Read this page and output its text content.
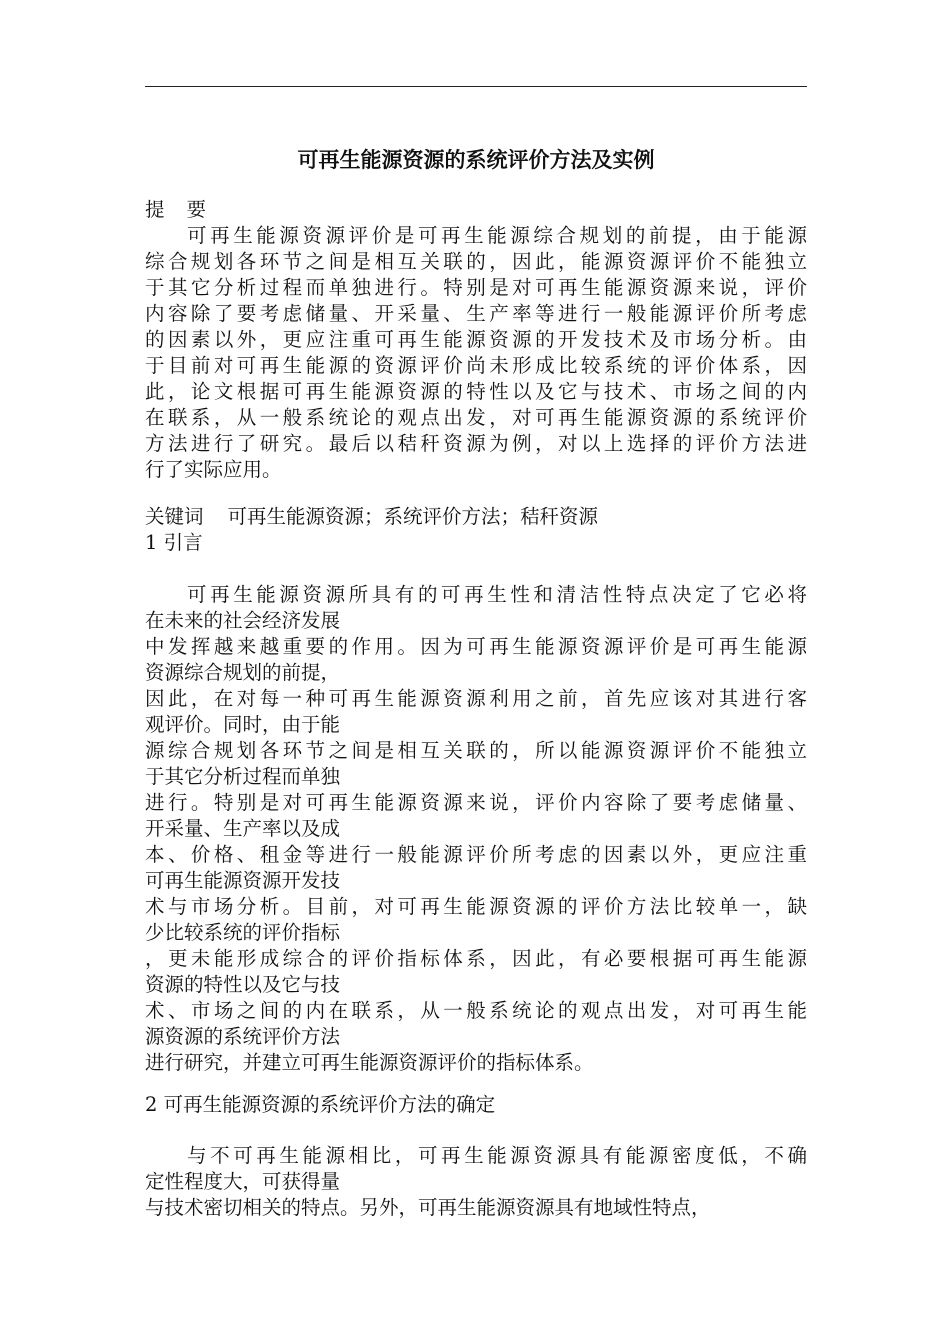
可再生能源资源的系统评价方法及实例
提要
可再生能源资源评价是可再生能源综合规划的前提，由于能源
综合规划各环节之间是相互关联的，因此，能源资源评价不能独立
于其它分析过程而单独进行。特别是对可再生能源资源来说，评价
内容除了要考虑储量、开采量、生产率等进行一般能源评价所考虑
的因素以外，更应注重可再生能源资源的开发技术及市场分析。由
于目前对可再生能源的资源评价尚未形成比较系统的评价体系，因
此，论文根据可再生能源资源的特性以及它与技术、市场之间的内
在联系，从一般系统论的观点出发，对可再生能源资源的系统评价
方法进行了研究。最后以秸秆资源为例，对以上选择的评价方法进
行了实际应用。
关键词 可再生能源资源；系统评价方法；秸秆资源
1 引言
可再生能源资源所具有的可再生性和清洁性特点决定了它必将
在未来的社会经济发展
中发挥越来越重要的作用。因为可再生能源资源评价是可再生能源
资源综合规划的前提，
因此，在对每一种可再生能源资源利用之前，首先应该对其进行客
观评价。同时，由于能
源综合规划各环节之间是相互关联的，所以能源资源评价不能独立
于其它分析过程而单独
进行。特别是对可再生能源资源来说，评价内容除了要考虑储量、
开采量、生产率以及成
本、价格、租金等进行一般能源评价所考虑的因素以外，更应注重
可再生能源资源开发技
术与市场分析。目前，对可再生能源资源的评价方法比较单一，缺
少比较系统的评价指标
，更未能形成综合的评价指标体系，因此，有必要根据可再生能源
资源的特性以及它与技
术、市场之间的内在联系，从一般系统论的观点出发，对可再生能
源资源的系统评价方法
进行研究，并建立可再生能源资源评价的指标体系。
2 可再生能源资源的系统评价方法的确定
与不可再生能源相比，可再生能源资源具有能源密度低，不确
定性程度大，可获得量
与技术密切相关的特点。另外，可再生能源资源具有地域性特点，
